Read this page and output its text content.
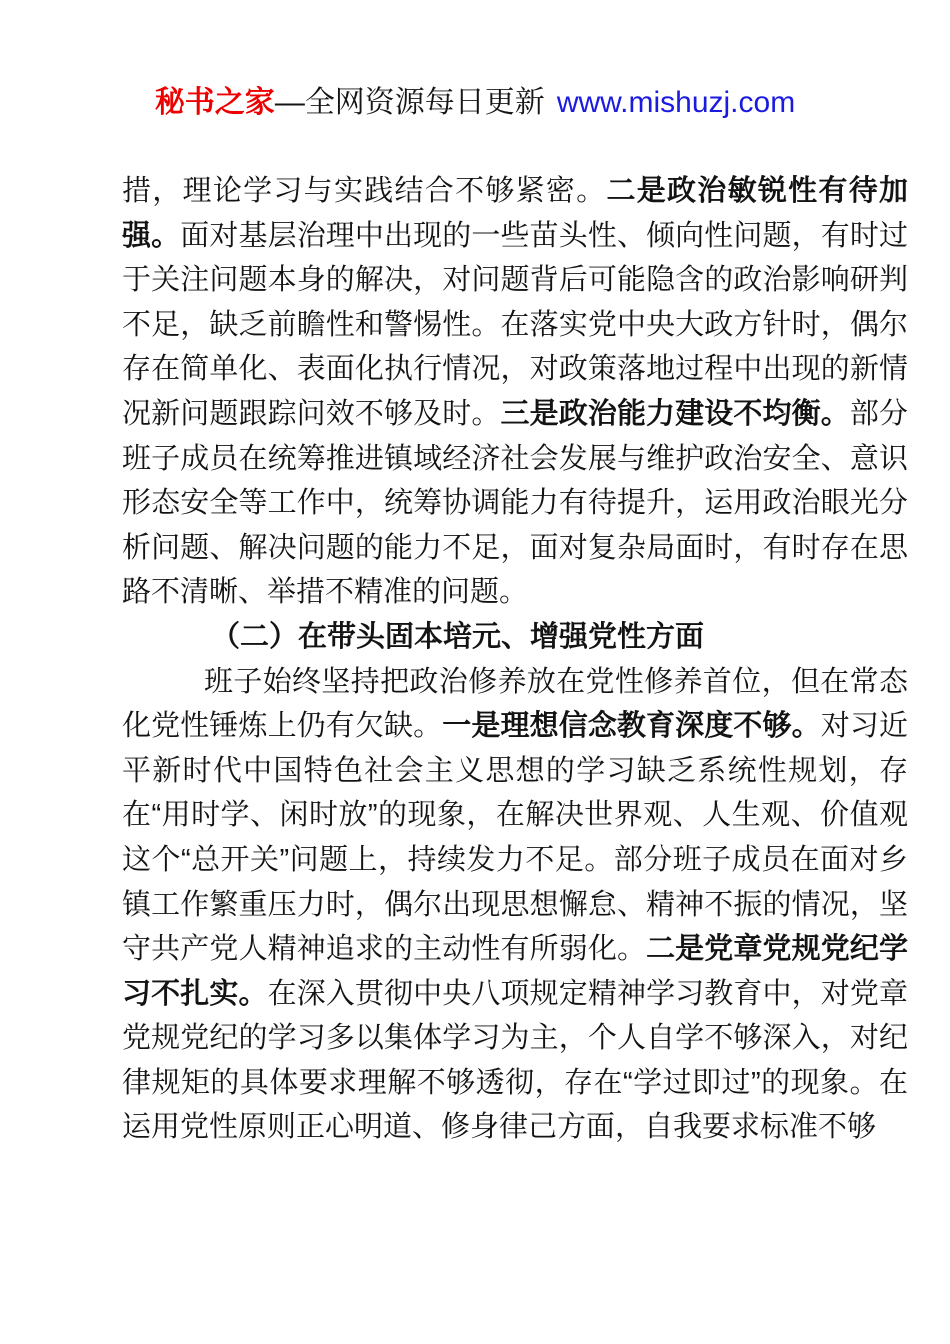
秘书之家—全网资源每日更新 www.mishuzj.com

措，理论学习与实践结合不够紧密。二是政治敏锐性有待加强。面对基层治理中出现的一些苗头性、倾向性问题，有时过于关注问题本身的解决，对问题背后可能隐含的政治影响研判不足，缺乏前瞻性和警惕性。在落实党中央大政方针时，偶尔存在简单化、表面化执行情况，对政策落地过程中出现的新情况新问题跟踪问效不够及时。三是政治能力建设不均衡。部分班子成员在统筹推进镇域经济社会发展与维护政治安全、意识形态安全等工作中，统筹协调能力有待提升，运用政治眼光分析问题、解决问题的能力不足，面对复杂局面时，有时存在思路不清晰、举措不精准的问题。

（二）在带头固本培元、增强党性方面

班子始终坚持把政治修养放在党性修养首位，但在常态化党性锤炼上仍有欠缺。一是理想信念教育深度不够。对习近平新时代中国特色社会主义思想的学习缺乏系统性规划，存在“用时学、闲时放”的现象，在解决世界观、人生观、价值观这个“总开关”问题上，持续发力不足。部分班子成员在面对乡镇工作繁重压力时，偶尔出现思想懈怠、精神不振的情况，坚守共产党人精神追求的主动性有所弱化。二是党章党规党纪学习不扎实。在深入贯彻中央八项规定精神学习教育中，对党章党规党纪的学习多以集体学习为主，个人自学不够深入，对纪律规矩的具体要求理解不够透彻，存在“学过即过”的现象。在运用党性原则正心明道、修身律己方面，自我要求标准不够
